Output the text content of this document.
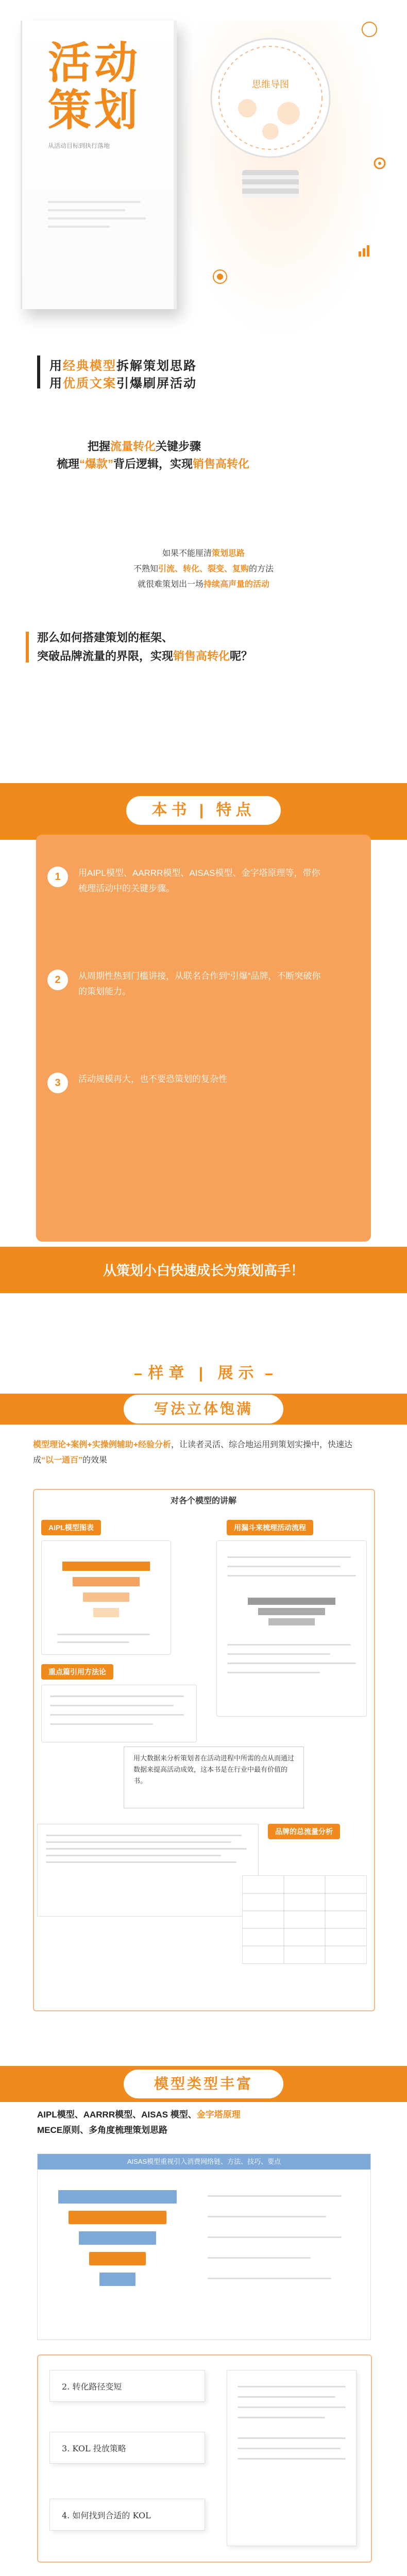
活动
策划
从活动目标到执行落地
思维导图
用经典模型拆解策划思路
用优质文案引爆刷屏活动
把握流量转化关键步骤
梳理“爆款”背后逻辑，实现销售高转化
如果不能厘清策划思路
不熟知引流、转化、裂变、复购的方法
就很难策划出一场持续高声量的活动
那么如何搭建策划的框架、
突破品牌流量的界限，实现销售高转化呢？
本书 | 特点
1	用AIPL模型、AARRR模型、AISAS模型、金字塔原理等，带你梳理活动中的关键步骤。
2	从周期性热到门槛讲接，从联名合作到“引爆”品牌，不断突破你的策划能力。
3	活动规模再大，也不要恐策划的复杂性
从策划小白快速成长为策划高手！
样章 | 展示
写法立体饱满
模型理论+案例+实操例辅助+经验分析，让读者灵活、综合地运用到策划实操中，快速达成“以一通百”的效果
对各个模型的讲解
AIPL模型图表	用漏斗来梳理活动流程
重点篇引用方法论
用大数据来分析策划者在活动进程中所需的点从而通过数据来提高活动成效，这本书是在行业中最有价值的书。
品牌的总流量分析
模型类型丰富
AIPL模型、AARRR模型、AISAS 模型、金字塔原理
MECE原则、多角度梳理策划思路
AISAS模型重视引入消费网络链、方法、技巧、要点
2. 转化路径变短
3. KOL 投放策略
4. 如何找到合适的 KOL
